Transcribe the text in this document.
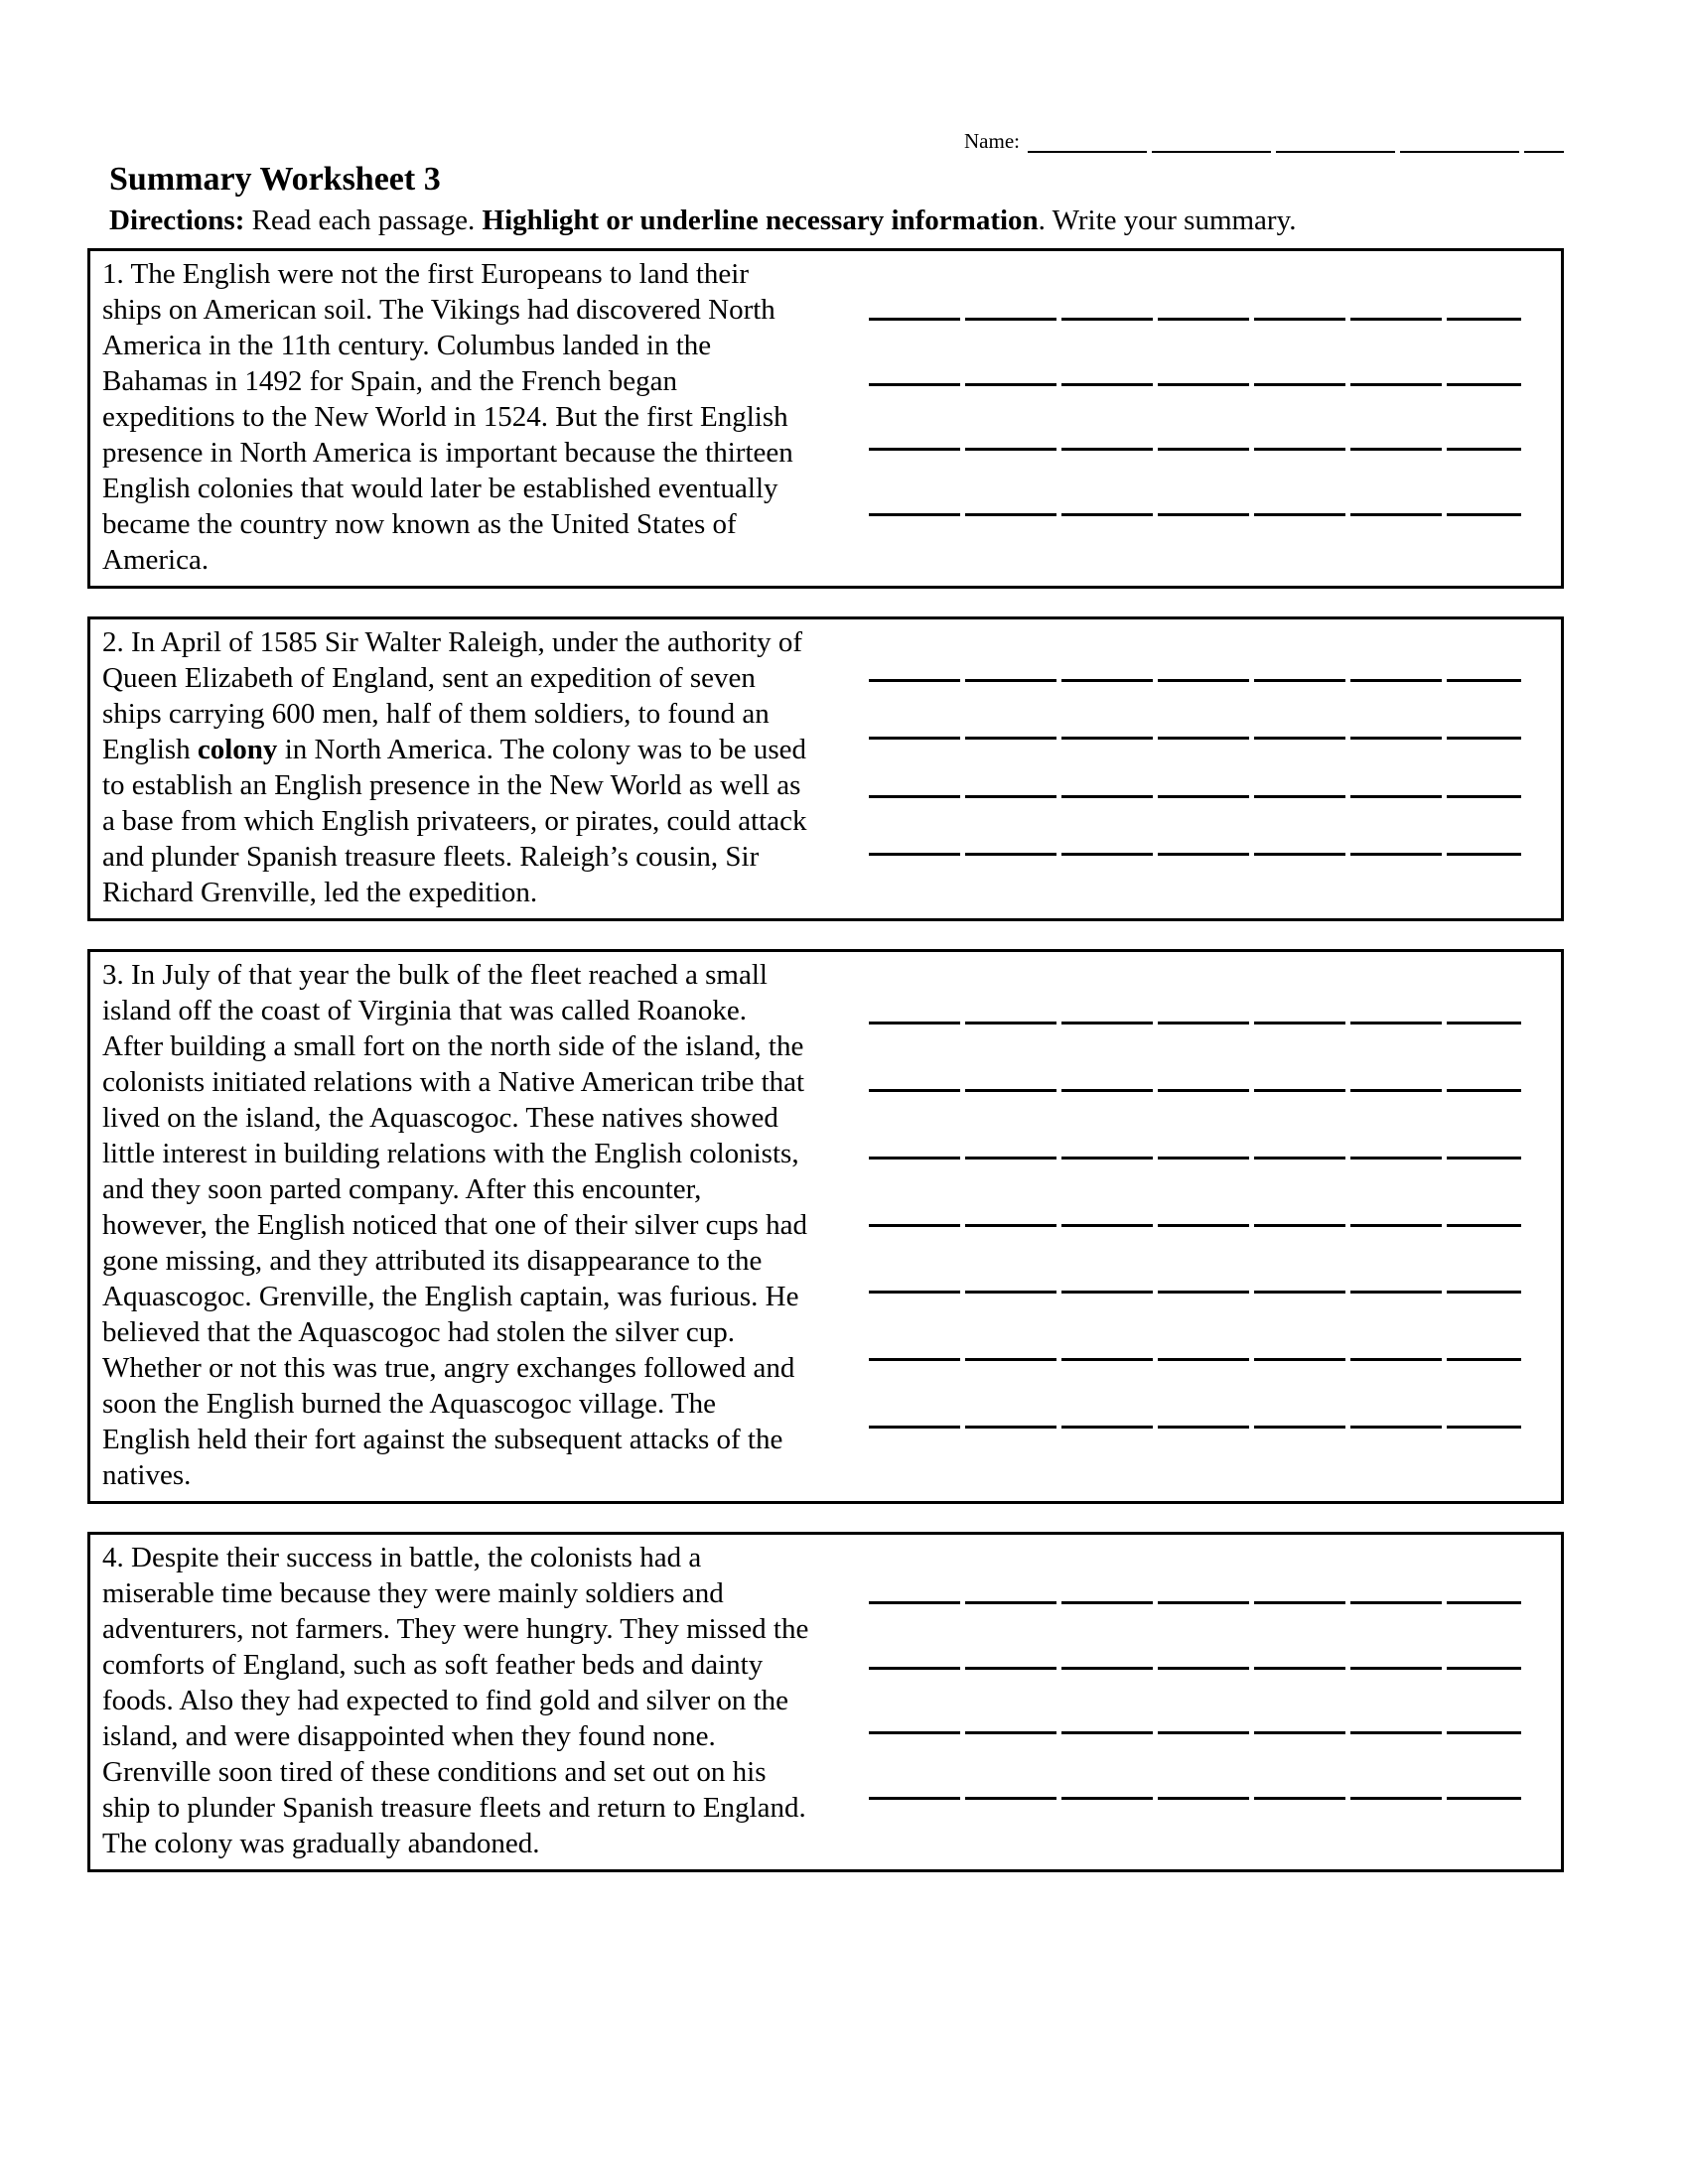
Name:
Summary Worksheet 3
Directions: Read each passage. Highlight or underline necessary information. Write your summary.
1. The English were not the first Europeans to land their ships on American soil. The Vikings had discovered North America in the 11th century. Columbus landed in the Bahamas in 1492 for Spain, and the French began expeditions to the New World in 1524. But the first English presence in North America is important because the thirteen English colonies that would later be established eventually became the country now known as the United States of America.
2. In April of 1585 Sir Walter Raleigh, under the authority of Queen Elizabeth of England, sent an expedition of seven ships carrying 600 men, half of them soldiers, to found an English colony in North America. The colony was to be used to establish an English presence in the New World as well as a base from which English privateers, or pirates, could attack and plunder Spanish treasure fleets. Raleigh’s cousin, Sir Richard Grenville, led the expedition.
3. In July of that year the bulk of the fleet reached a small island off the coast of Virginia that was called Roanoke. After building a small fort on the north side of the island, the colonists initiated relations with a Native American tribe that lived on the island, the Aquascogoc. These natives showed little interest in building relations with the English colonists, and they soon parted company. After this encounter, however, the English noticed that one of their silver cups had gone missing, and they attributed its disappearance to the Aquascogoc. Grenville, the English captain, was furious. He believed that the Aquascogoc had stolen the silver cup. Whether or not this was true, angry exchanges followed and soon the English burned the Aquascogoc village. The English held their fort against the subsequent attacks of the natives.
4. Despite their success in battle, the colonists had a miserable time because they were mainly soldiers and adventurers, not farmers. They were hungry. They missed the comforts of England, such as soft feather beds and dainty foods. Also they had expected to find gold and silver on the island, and were disappointed when they found none. Grenville soon tired of these conditions and set out on his ship to plunder Spanish treasure fleets and return to England. The colony was gradually abandoned.
